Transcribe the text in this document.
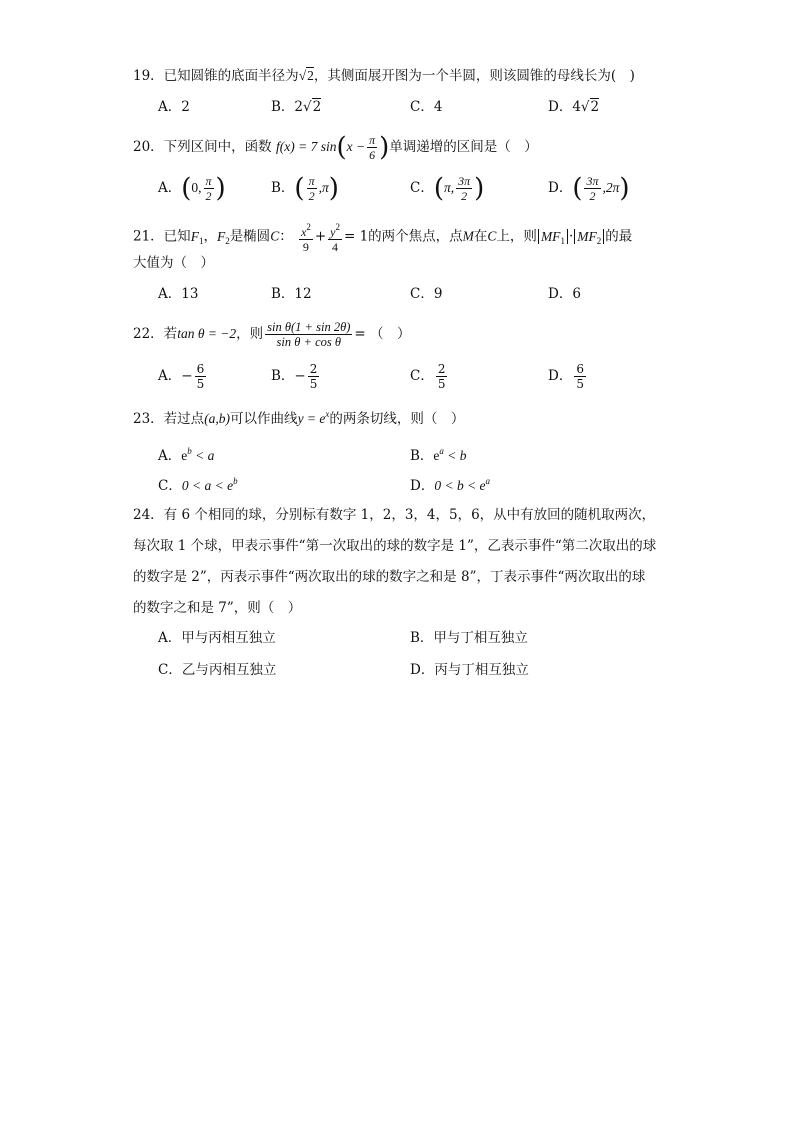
19．已知圆锥的底面半径为√2，其侧面展开图为一个半圆，则该圆锥的母线长为(　)
A．2	B．2√2	C．4	D．4√2
20．下列区间中，函数 f(x) = 7 $\sin(x - \frac{\pi}{6}$ )单调递增的区间是（　）
A．(0, $\frac{\pi}{2}$ )	B．( $\frac{\pi}{2} ,\pi$)	C．(π, $\frac{3\pi}{2}$ )	D．( $\frac{3\pi}{2} ,2\pi$)
21．已知$F_1$，$F_2$是椭圆C： $\frac{x^2}{9} + \frac{y^2}{4} = 1$的两个焦点，点M在C上，则 $MF_1 \cdot MF_2$ 的最
大值为（　）
A．13	B．12	C．9	D．6
22．若tan θ = −2，则 $\frac{\text{sin θ(1 + sin 2θ)}}{\text{sin θ + cos θ}}$ = （　）
A．− $\frac{6}{5}$	B．− $\frac{2}{5}$	C． $\frac{2}{5}$	D． $\frac{6}{5}$
23．若过点(a,b)可以作曲线$y = e^x$的两条切线，则（　）
A．$e^b < a$	B．$e^a < b$
C．$0 < a < e^b$	D．$0 < b < e^a$
24．有 6 个相同的球，分别标有数字 1，2，3，4，5，6，从中有放回的随机取两次，
每次取 1 个球，甲表示事件“第一次取出的球的数字是 1”，乙表示事件“第二次取出的球
的数字是 2”，丙表示事件“两次取出的球的数字之和是 8”，丁表示事件“两次取出的球
的数字之和是 7”，则（　）
A．甲与丙相互独立	B．甲与丁相互独立
C．乙与丙相互独立	D．丙与丁相互独立
